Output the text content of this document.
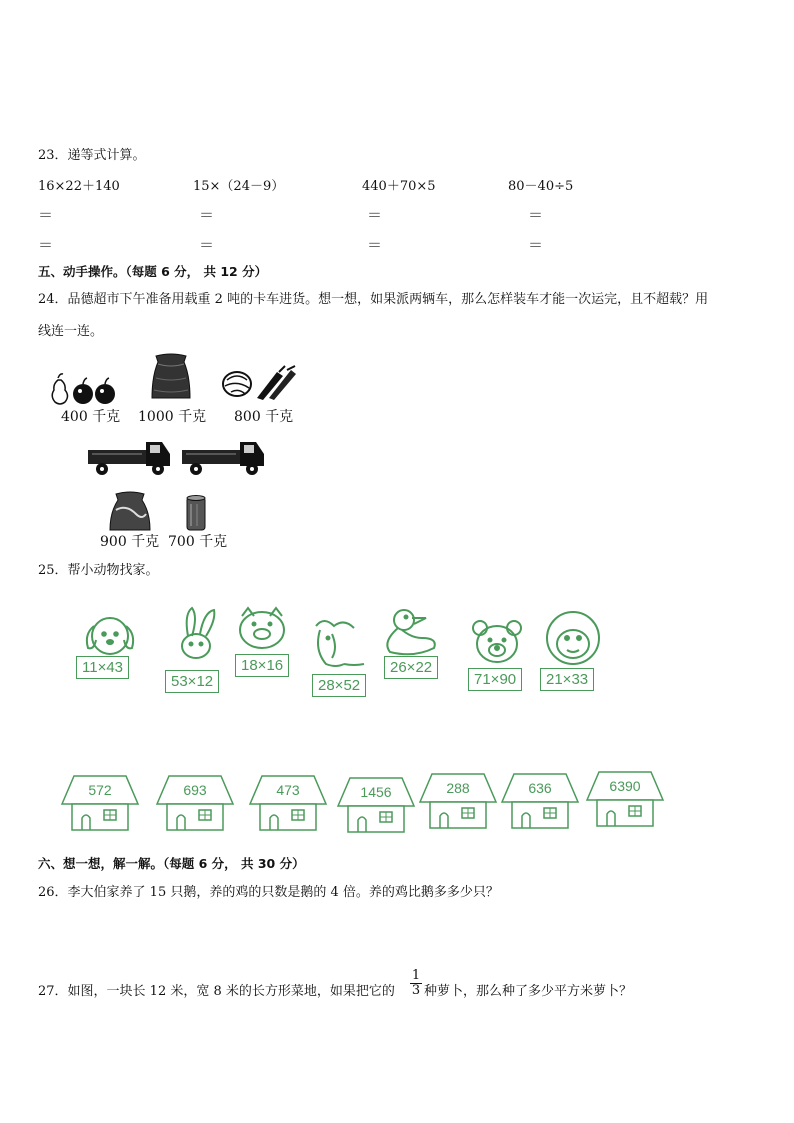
23．递等式计算。
16×22＋140	15×（24－9）	440＋70×5	80－40÷5
＝	＝	＝	＝
＝	＝	＝	＝
五、动手操作。（每题 6 分， 共 12 分）
24．品德超市下午准备用载重 2 吨的卡车进货。想一想，如果派两辆车，那么怎样装车才能一次运完，且不超载？用
线连一连。
400 千克 1000 千克 800 千克
900 千克 700 千克
25．帮小动物找家。
11×43
53×12
18×16
28×52
26×22
71×90	21×33
572	693	473	1456	288	636	6390
六、想一想，解一解。（每题 6 分， 共 30 分）
26．李大伯家养了 15 只鹅，养的鸡的只数是鹅的 4 倍。养的鸡比鹅多多少只？
27．如图，一块长 12 米，宽 8 米的长方形菜地，如果把它的
1
3 种萝卜，那么种了多少平方米萝卜？
